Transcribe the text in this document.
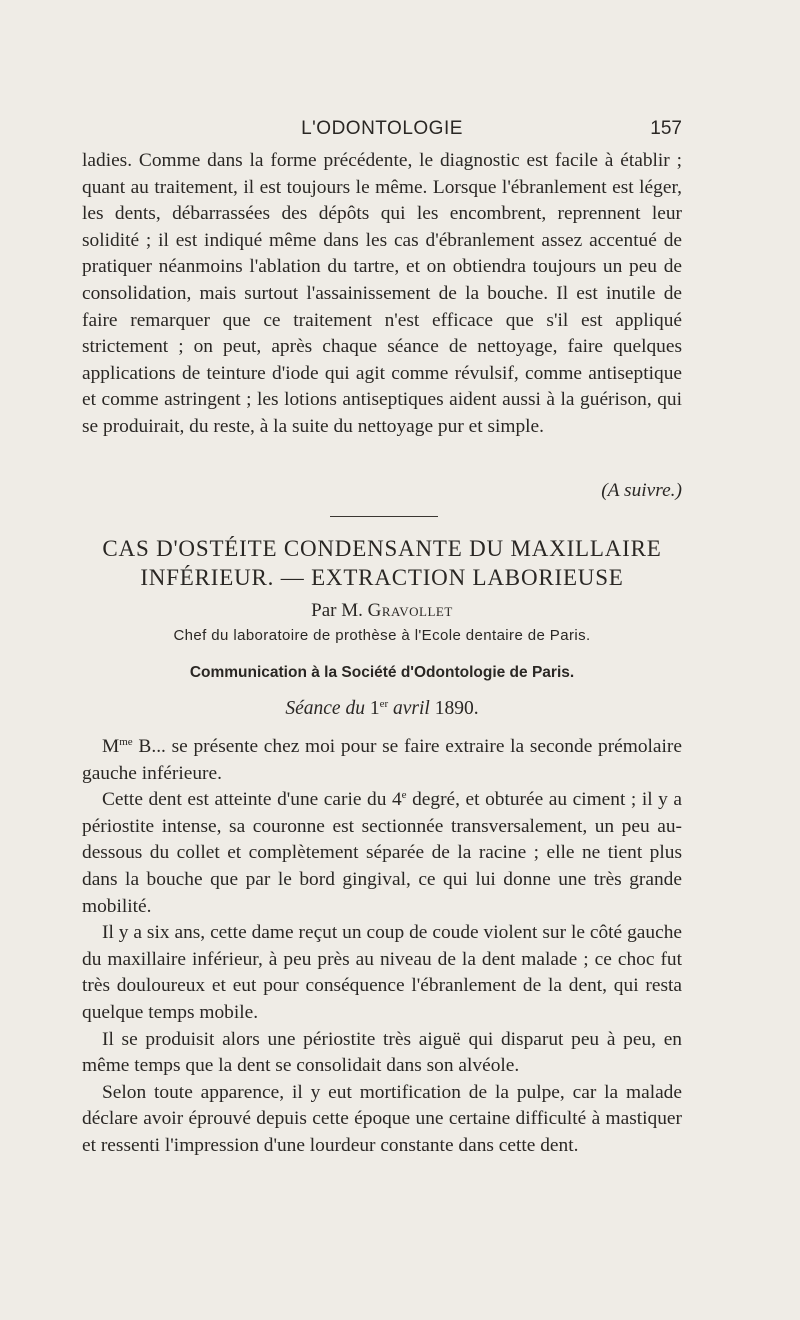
L'ODONTOLOGIE	157

ladies. Comme dans la forme précédente, le diagnostic est facile à établir ; quant au traitement, il est toujours le même. Lorsque l'ébranlement est léger, les dents, débarrassées des dépôts qui les encombrent, reprennent leur solidité ; il est indiqué même dans les cas d'ébranlement assez accentué de pratiquer néanmoins l'ablation du tartre, et on obtiendra toujours un peu de consolidation, mais surtout l'assainissement de la bouche. Il est inutile de faire remarquer que ce traitement n'est efficace que s'il est appliqué strictement ; on peut, après chaque séance de nettoyage, faire quelques applications de teinture d'iode qui agit comme révulsif, comme antiseptique et comme astringent ; les lotions antiseptiques aident aussi à la guérison, qui se produirait, du reste, à la suite du nettoyage pur et simple.

(A suivre.)
CAS D'OSTÉITE CONDENSANTE DU MAXILLAIRE
INFÉRIEUR. — EXTRACTION LABORIEUSE
Par M. Gravollet
Chef du laboratoire de prothèse à l'Ecole dentaire de Paris.
Communication à la Société d'Odontologie de Paris.
Séance du 1er avril 1890.

$M^{me}$ B... se présente chez moi pour se faire extraire la seconde prémolaire gauche inférieure.

Cette dent est atteinte d'une carie du 4e degré, et obturée au ciment ; il y a périostite intense, sa couronne est sectionnée transversalement, un peu au-dessous du collet et complètement séparée de la racine ; elle ne tient plus dans la bouche que par le bord gingival, ce qui lui donne une très grande mobilité.

Il y a six ans, cette dame reçut un coup de coude violent sur le côté gauche du maxillaire inférieur, à peu près au niveau de la dent malade ; ce choc fut très douloureux et eut pour conséquence l'ébranlement de la dent, qui resta quelque temps mobile.

Il se produisit alors une périostite très aiguë qui disparut peu à peu, en même temps que la dent se consolidait dans son alvéole.

Selon toute apparence, il y eut mortification de la pulpe, car la malade déclare avoir éprouvé depuis cette époque une certaine difficulté à mastiquer et ressenti l'impression d'une lourdeur constante dans cette dent.
